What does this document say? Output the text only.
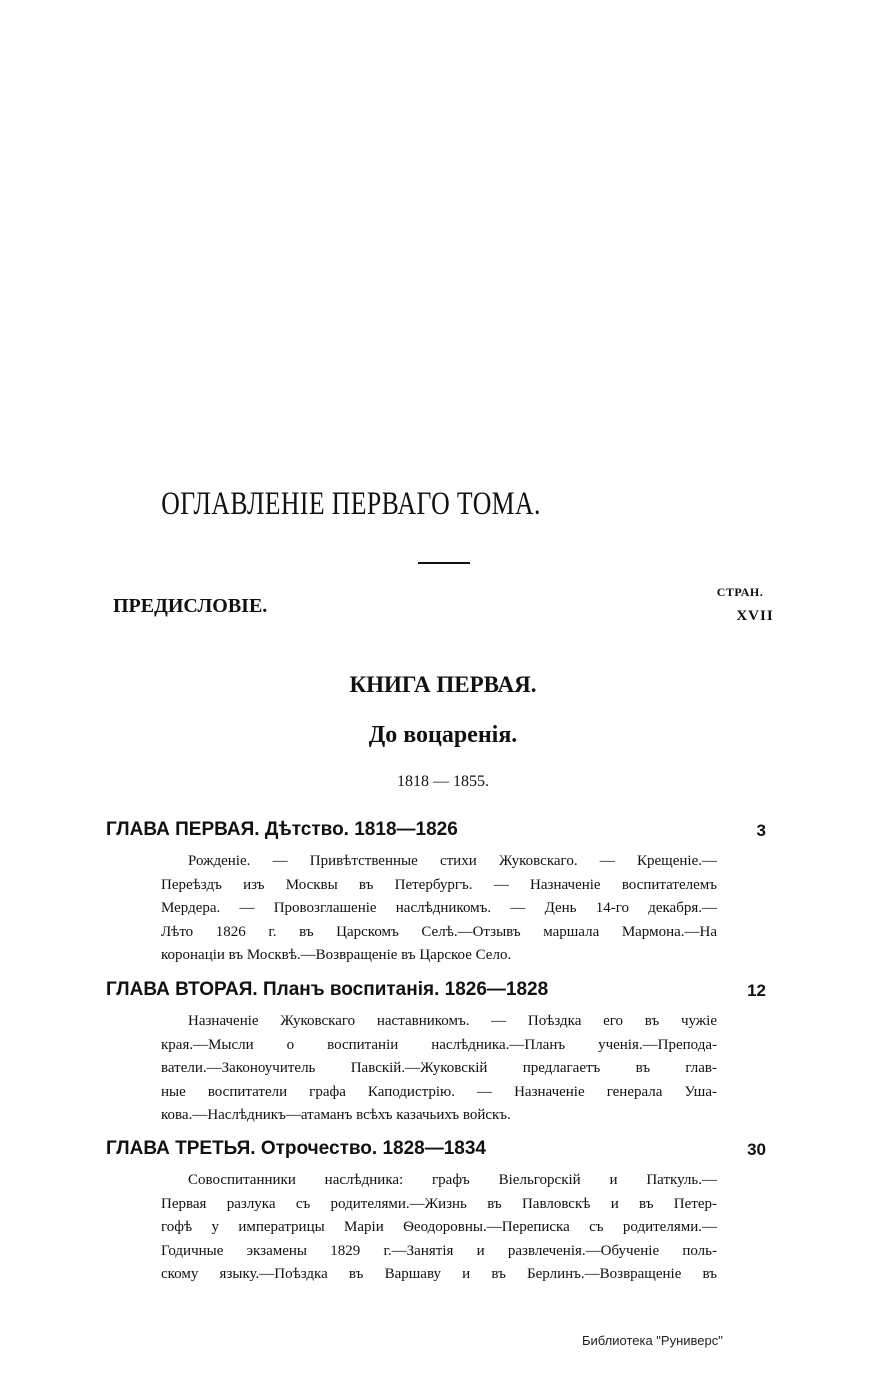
ОГЛАВЛЕНІЕ ПЕРВАГО ТОМА.
СТРАН.
ПРЕДИСЛОВІЕ.	XVII
КНИГА ПЕРВАЯ.
До воцаренія.
1818 — 1855.
ГЛАВА ПЕРВАЯ. Дѣтство. 1818—1826	3
Рожденіе. — Привѣтственные стихи Жуковскаго. — Крещеніе.—
Переѣздъ изъ Москвы въ Петербургъ. — Назначеніе воспитателемъ
Мердера. — Провозглашеніе наслѣдникомъ. — День 14-го декабря.—
Лѣто 1826 г. въ Царскомъ Селѣ.—Отзывъ маршала Мармона.—На
коронаціи въ Москвѣ.—Возвращеніе въ Царское Село.
ГЛАВА ВТОРАЯ. Планъ воспитанія. 1826—1828	12
Назначеніе Жуковскаго наставникомъ. — Поѣздка его въ чужіе
края.—Мысли о воспитаніи наслѣдника.—Планъ ученія.—Препода-
ватели.—Законоучитель Павскій.—Жуковскій предлагаетъ въ глав-
ные воспитатели графа Каподистрію. — Назначеніе генерала Уша-
кова.—Наслѣдникъ—атаманъ всѣхъ казачьихъ войскъ.
ГЛАВА ТРЕТЬЯ. Отрочество. 1828—1834	30
Совоспитанники наслѣдника: графъ Віельгорскій и Паткуль.—
Первая разлука съ родителями.—Жизнь въ Павловскѣ и въ Петер-
гофѣ у императрицы Маріи Ѳеодоровны.—Переписка съ родителями.—
Годичные экзамены 1829 г.—Занятія и развлеченія.—Обученіе поль-
скому языку.—Поѣздка въ Варшаву и въ Берлинъ.—Возвращеніе въ
Библиотека "Руниверс"
